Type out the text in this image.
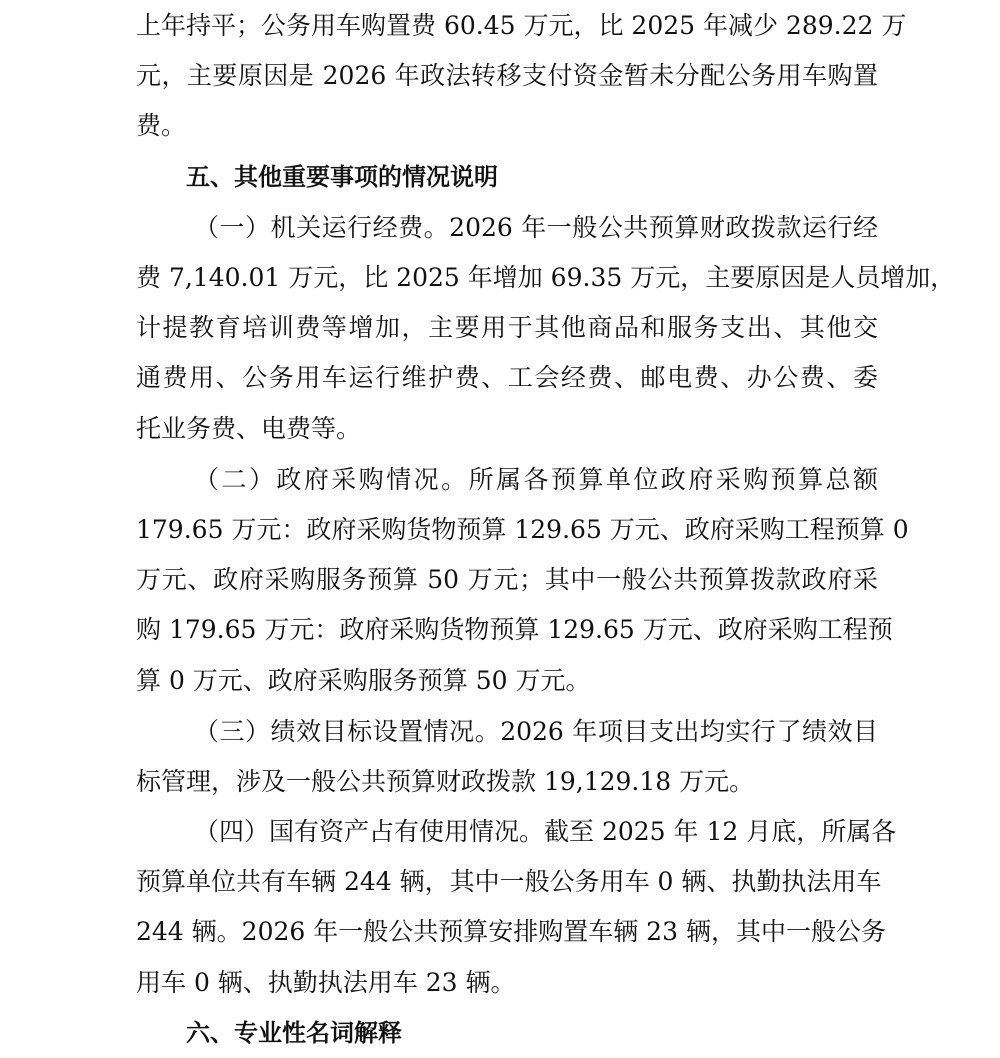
上年持平；公务用车购置费 60.45 万元，比 2025 年减少 289.22 万
元，主要原因是 2026 年政法转移支付资金暂未分配公务用车购置
费。
五、其他重要事项的情况说明
（一）机关运行经费。2026 年一般公共预算财政拨款运行经
费 7,140.01 万元，比 2025 年增加 69.35 万元，主要原因是人员增加，
计提教育培训费等增加，主要用于其他商品和服务支出、其他交
通费用、公务用车运行维护费、工会经费、邮电费、办公费、委
托业务费、电费等。
（二）政府采购情况。所属各预算单位政府采购预算总额
179.65 万元：政府采购货物预算 129.65 万元、政府采购工程预算 0
万元、政府采购服务预算 50 万元；其中一般公共预算拨款政府采
购 179.65 万元：政府采购货物预算 129.65 万元、政府采购工程预
算 0 万元、政府采购服务预算 50 万元。
（三）绩效目标设置情况。2026 年项目支出均实行了绩效目
标管理，涉及一般公共预算财政拨款 19,129.18 万元。
（四）国有资产占有使用情况。截至 2025 年 12 月底，所属各
预算单位共有车辆 244 辆，其中一般公务用车 0 辆、执勤执法用车
244 辆。2026 年一般公共预算安排购置车辆 23 辆，其中一般公务
用车 0 辆、执勤执法用车 23 辆。
六、专业性名词解释
